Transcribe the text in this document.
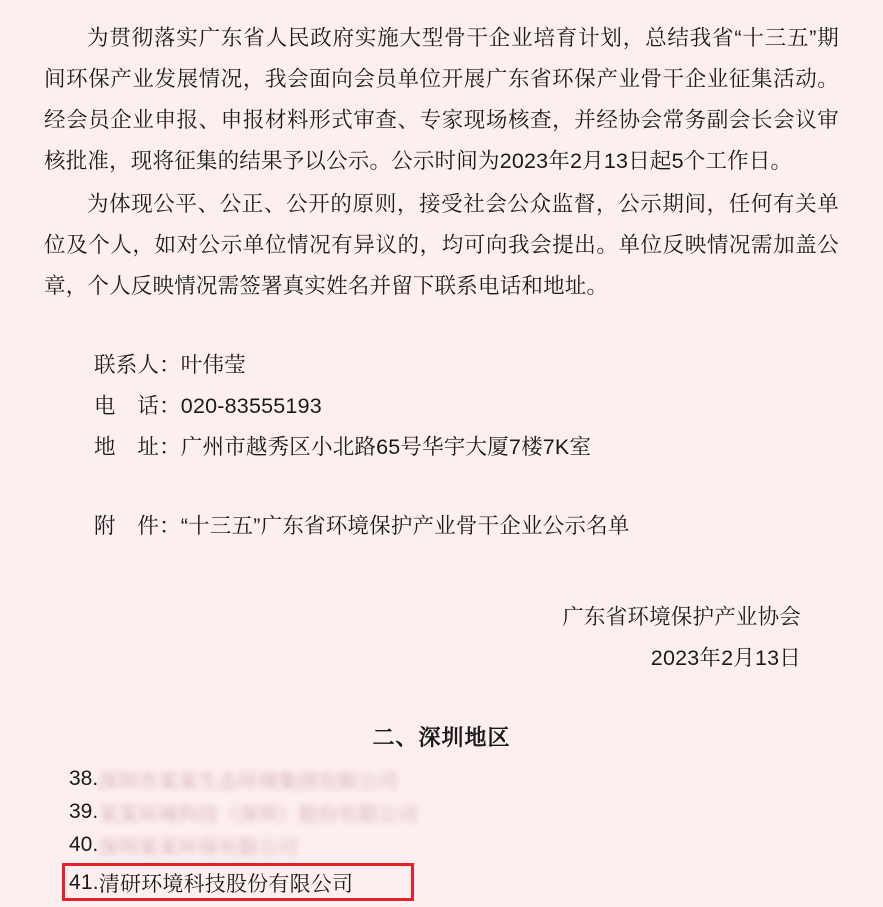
为贯彻落实广东省人民政府实施大型骨干企业培育计划，总结我省“十三五”期间环保产业发展情况，我会面向会员单位开展广东省环保产业骨干企业征集活动。经会员企业申报、申报材料形式审查、专家现场核查，并经协会常务副会长会议审核批准，现将征集的结果予以公示。公示时间为2023年2月13日起5个工作日。

为体现公平、公正、公开的原则，接受社会公众监督，公示期间，任何有关单位及个人，如对公示单位情况有异议的，均可向我会提出。单位反映情况需加盖公章，个人反映情况需签署真实姓名并留下联系电话和地址。

联系人：叶伟莹

电　话：020-83555193

地　址：广州市越秀区小北路65号华宇大厦7楼7K室

附　件：“十三五”广东省环境保护产业骨干企业公示名单

广东省环境保护产业协会

2023年2月13日

二、深圳地区
38. 深圳市某某生态环境集团有限公司
39. 某某环境科技（深圳）股份有限公司
40. 深圳某某环保有限公司
41. 清研环境科技股份有限公司
